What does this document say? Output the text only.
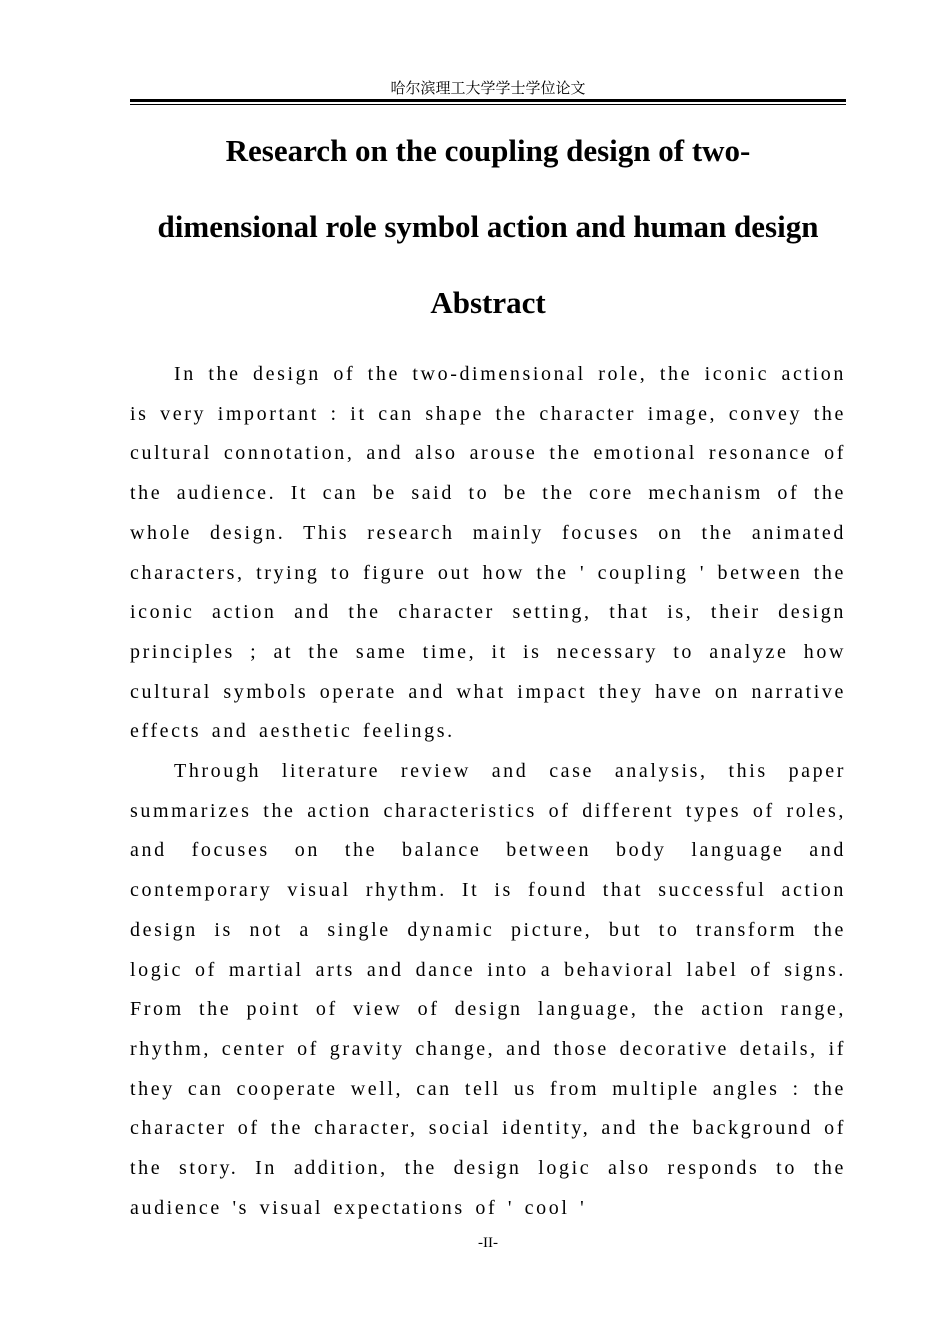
哈尔滨理工大学学士学位论文
Research on the coupling design of two-
dimensional role symbol action and human design
Abstract

In the design of the two-dimensional role, the iconic action is very important : it can shape the character image, convey the cultural connotation, and also arouse the emotional resonance of the audience. It can be said to be the core mechanism of the whole design. This research mainly focuses on the animated characters, trying to figure out how the ' coupling ' between the iconic action and the character setting, that is, their design principles ; at the same time, it is necessary to analyze how cultural symbols operate and what impact they have on narrative effects and aesthetic feelings.

Through literature review and case analysis, this paper summarizes the action characteristics of different types of roles, and focuses on the balance between body language and contemporary visual rhythm. It is found that successful action design is not a single dynamic picture, but to transform the logic of martial arts and dance into a behavioral label of signs. From the point of view of design language, the action range, rhythm, center of gravity change, and those decorative details, if they can cooperate well, can tell us from multiple angles : the character of the character, social identity, and the background of the story. In addition, the design logic also responds to the audience 's visual expectations of ' cool '

-II-
